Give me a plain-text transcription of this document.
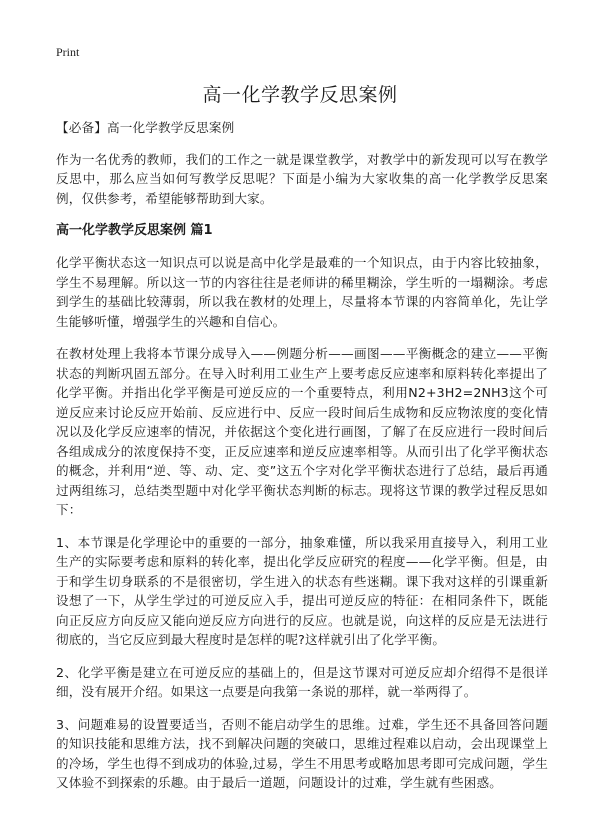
Print
高一化学教学反思案例

【必备】高一化学教学反思案例

作为一名优秀的教师，我们的工作之一就是课堂教学，对教学中的新发现可以写在教学反思中，那么应当如何写教学反思呢？下面是小编为大家收集的高一化学教学反思案例，仅供参考，希望能够帮助到大家。

高一化学教学反思案例 篇1

化学平衡状态这一知识点可以说是高中化学是最难的一个知识点，由于内容比较抽象，学生不易理解。所以这一节的内容往往是老师讲的稀里糊涂，学生听的一塌糊涂。考虑到学生的基础比较薄弱，所以我在教材的处理上，尽量将本节课的内容简单化，先让学生能够听懂，增强学生的兴趣和自信心。

在教材处理上我将本节课分成导入——例题分析——画图——平衡概念的建立——平衡状态的判断巩固五部分。在导入时利用工业生产上要考虑反应速率和原料转化率提出了化学平衡。并指出化学平衡是可逆反应的一个重要特点，利用N2+3H2=2NH3这个可逆反应来讨论反应开始前、反应进行中、反应一段时间后生成物和反应物浓度的变化情况以及化学反应速率的情况，并依据这个变化进行画图，了解了在反应进行一段时间后各组成成分的浓度保持不变，正反应速率和逆反应速率相等。从而引出了化学平衡状态的概念，并利用“逆、等、动、定、变”这五个字对化学平衡状态进行了总结，最后再通过两组练习，总结类型题中对化学平衡状态判断的标志。现将这节课的教学过程反思如下：

1、本节课是化学理论中的重要的一部分，抽象难懂，所以我采用直接导入，利用工业生产的实际要考虑和原料的转化率，提出化学反应研究的程度——化学平衡。但是，由于和学生切身联系的不是很密切，学生进入的状态有些迷糊。课下我对这样的引课重新设想了一下，从学生学过的可逆反应入手，提出可逆反应的特征：在相同条件下，既能向正反应方向反应又能向逆反应方向进行的反应。也就是说，向这样的反应是无法进行彻底的，当它反应到最大程度时是怎样的呢?这样就引出了化学平衡。

2、化学平衡是建立在可逆反应的基础上的，但是这节课对可逆反应却介绍得不是很详细，没有展开介绍。如果这一点要是向我第一条说的那样，就一举两得了。

3、问题难易的设置要适当，否则不能启动学生的思维。过难，学生还不具备回答问题的知识技能和思维方法，找不到解决问题的突破口，思维过程难以启动，会出现课堂上的冷场，学生也得不到成功的体验,过易，学生不用思考或略加思考即可完成问题，学生又体验不到探索的乐趣。由于最后一道题，问题设计的过难，学生就有些困惑。
